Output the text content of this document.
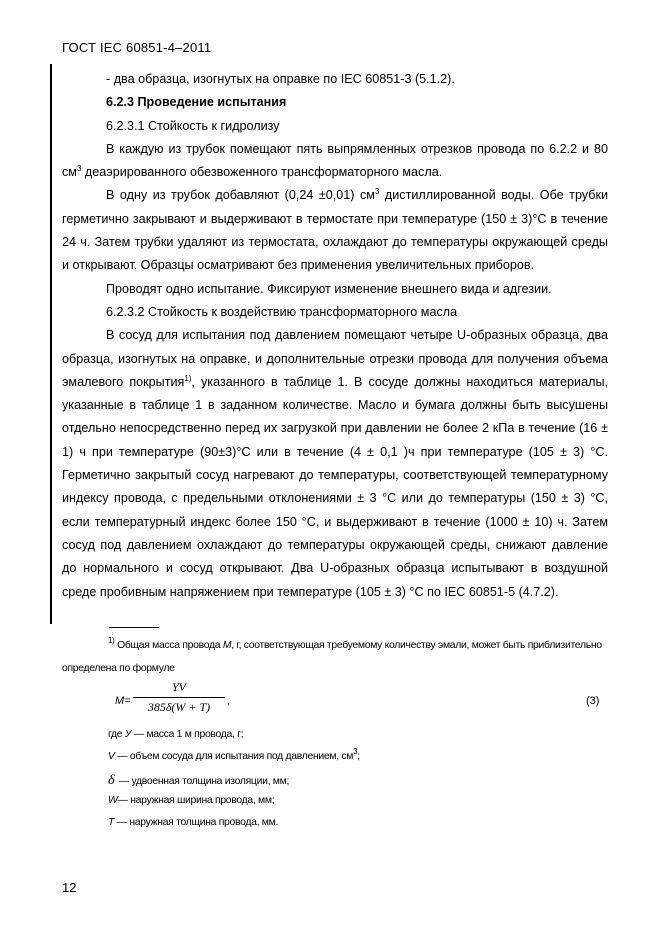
ГОСТ IEC 60851-4–2011

- два образца, изогнутых на оправке по IEC 60851-3 (5.1.2).

6.2.3 Проведение испытания

6.2.3.1 Стойкость к гидролизу

В каждую из трубок помещают пять выпрямленных отрезков провода по 6.2.2 и 80 $см^3$ деаэрированного обезвоженного трансформаторного масла.

В одну из трубок добавляют (0,24 ±0,01) $см^3$ дистиллированной воды. Обе трубки герметично закрывают и выдерживают в термостате при температуре (150 ± 3)°С в течение 24 ч. Затем трубки удаляют из термостата, охлаждают до температуры окружающей среды и открывают. Образцы осматривают без применения увеличительных приборов.

Проводят одно испытание. Фиксируют изменение внешнего вида и адгезии.

6.2.3.2 Стойкость к воздействию трансформаторного масла

В сосуд для испытания под давлением помещают четыре U-образных образца, два образца, изогнутых на оправке, и дополнительные отрезки провода для получения объема эмалевого покрытия$^{1)}$, указанного в таблице 1. В сосуде должны находиться материалы, указанные в таблице 1 в заданном количестве. Масло и бумага должны быть высушены отдельно непосредственно перед их загрузкой при давлении не более 2 кПа в течение (16 ± 1) ч при температуре (90±3)°С или в течение (4 ± 0,1 )ч при температуре (105 ± 3) °С. Герметично закрытый сосуд нагревают до температуры, соответствующей температурному индексу провода, с предельными отклонениями ± 3 °С или до температуры (150 ± 3) °С, если температурный индекс более 150 °С, и выдерживают в течение (1000 ± 10) ч. Затем сосуд под давлением охлаждают до температуры окружающей среды, снижают давление до нормального и сосуд открывают. Два U-образных образца испытывают в воздушной среде пробивным напряжением при температуре (105 ± 3) °С по IEC 60851-5 (4.7.2).

$^{1)}$ Общая масса провода M, г, соответствующая требуемому количеству эмали, может быть приблизительно
определена по формуле
M=
YV
385δ(W + T)	,	(3)
где У — масса 1 м провода, г;
V — объем сосуда для испытания под давлением, $см^3$;
δ — удвоенная толщина изоляции, мм;
W— наружная ширина провода, мм;
T — наружная толщина провода, мм.
12
